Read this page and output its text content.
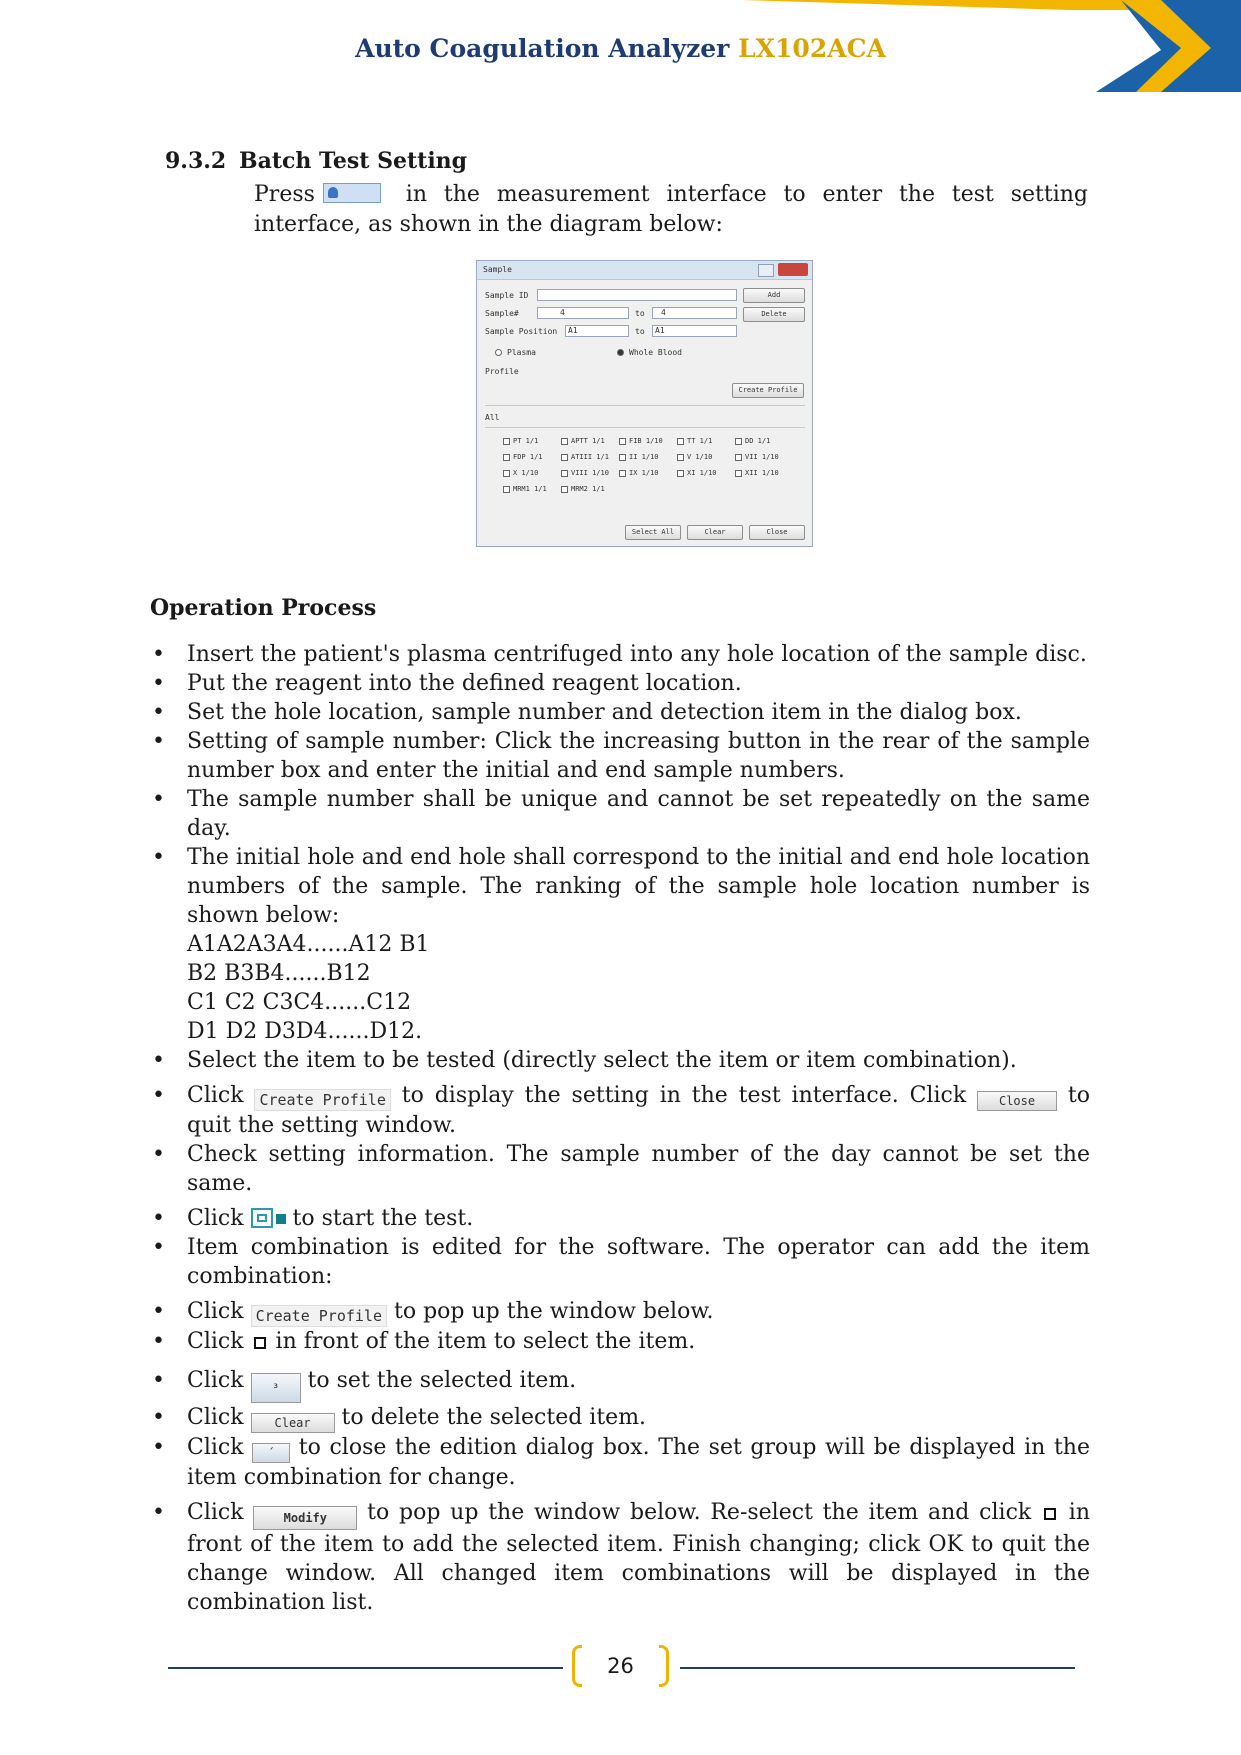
Auto Coagulation Analyzer LX102ACA
9.3.2 Batch Test Setting
Press	in the measurement interface to enter the test setting interface, as shown in the diagram below:
Sample
Sample ID	Add
Sample#	4	to	4	Delete
Sample Position	A1	to	A1
Plasma	Whole Blood
Profile
Create Profile
All
Select All	Clear	Close
PT 1/1	APTT 1/1	FIB 1/10	TT 1/1	DD 1/1
FDP 1/1	ATIII 1/1	II 1/10	V 1/10	VII 1/10
X 1/10	VIII 1/10	IX 1/10	XI 1/10	XII 1/10
MRM1 1/1	MRM2 1/1
Operation Process
• Insert the patient's plasma centrifuged into any hole location of the sample disc.
• Put the reagent into the defined reagent location.
• Set the hole location, sample number and detection item in the dialog box.
• Setting of sample number: Click the increasing button in the rear of the sample number box and enter the initial and end sample numbers.
• The sample number shall be unique and cannot be set repeatedly on the same day.
• The initial hole and end hole shall correspond to the initial and end hole location numbers of the sample. The ranking of the sample hole location number is shown below:
A1A2A3A4......A12 B1
B2 B3B4......B12
C1 C2 C3C4......C12
D1 D2 D3D4......D12.
• Select the item to be tested (directly select the item or item combination).
• Click Create Profile to display the setting in the test interface. Click Close to quit the setting window.
• Check setting information. The sample number of the day cannot be set the same.
• Click  to start the test.
• Item combination is edited for the software. The operator can add the item combination:
• Click Create Profile to pop up the window below.
• Click  in front of the item to select the item.
• Click ³ to set the selected item.
• Click Clear to delete the selected item.
• Click ´ to close the edition dialog box. The set group will be displayed in the item combination for change.
• Click	Modify to pop up the window below. Re-select the item and click  in front of the item to add the selected item. Finish changing; click OK to quit the change window. All changed item combinations will be displayed in the combination list.
26
